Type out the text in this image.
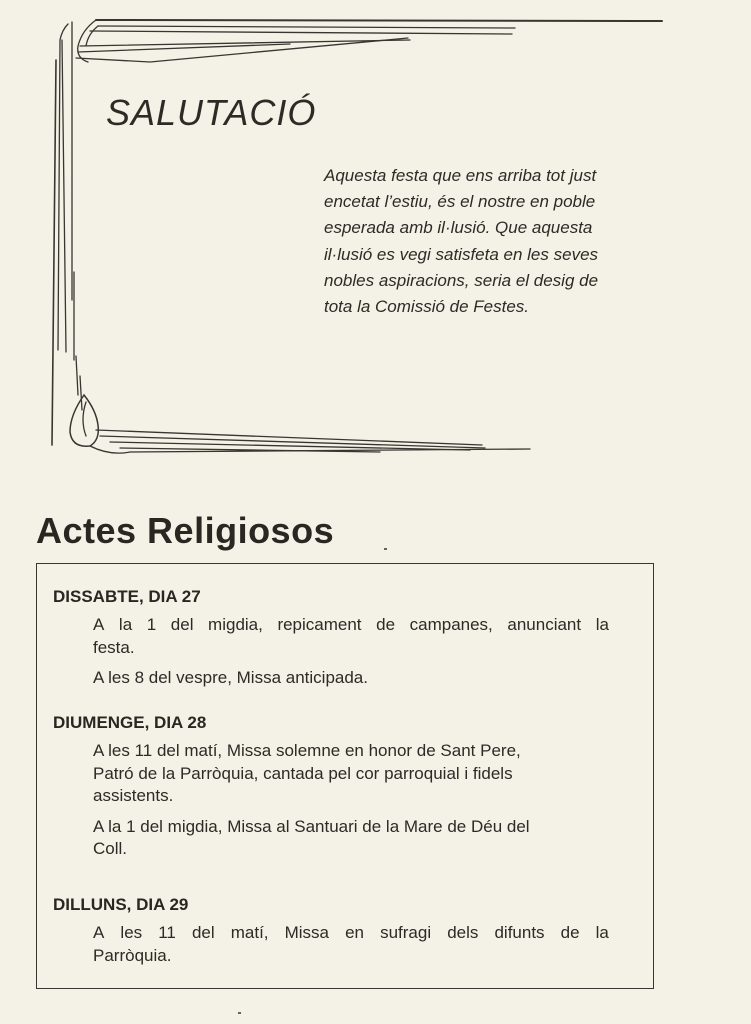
SALUTACIÓ
Aquesta festa que ens arriba tot just
encetat l’estiu, és el nostre en poble
esperada amb il·lusió. Que aquesta
il·lusió es vegi satisfeta en les seves
nobles aspiracions, seria el desig de
tota la Comissió de Festes.
Actes Religiosos
DISSABTE, DIA 27
A la 1 del migdia, repicament de campanes, anunciant la
festa.
A les 8 del vespre, Missa anticipada.
DIUMENGE, DIA 28
A les 11 del matí, Missa solemne en honor de Sant Pere,
Patró de la Parròquia, cantada pel cor parroquial i fidels
assistents.
A la 1 del migdia, Missa al Santuari de la Mare de Déu del
Coll.
DILLUNS, DIA 29
A les 11 del matí, Missa en sufragi dels difunts de la
Parròquia.
